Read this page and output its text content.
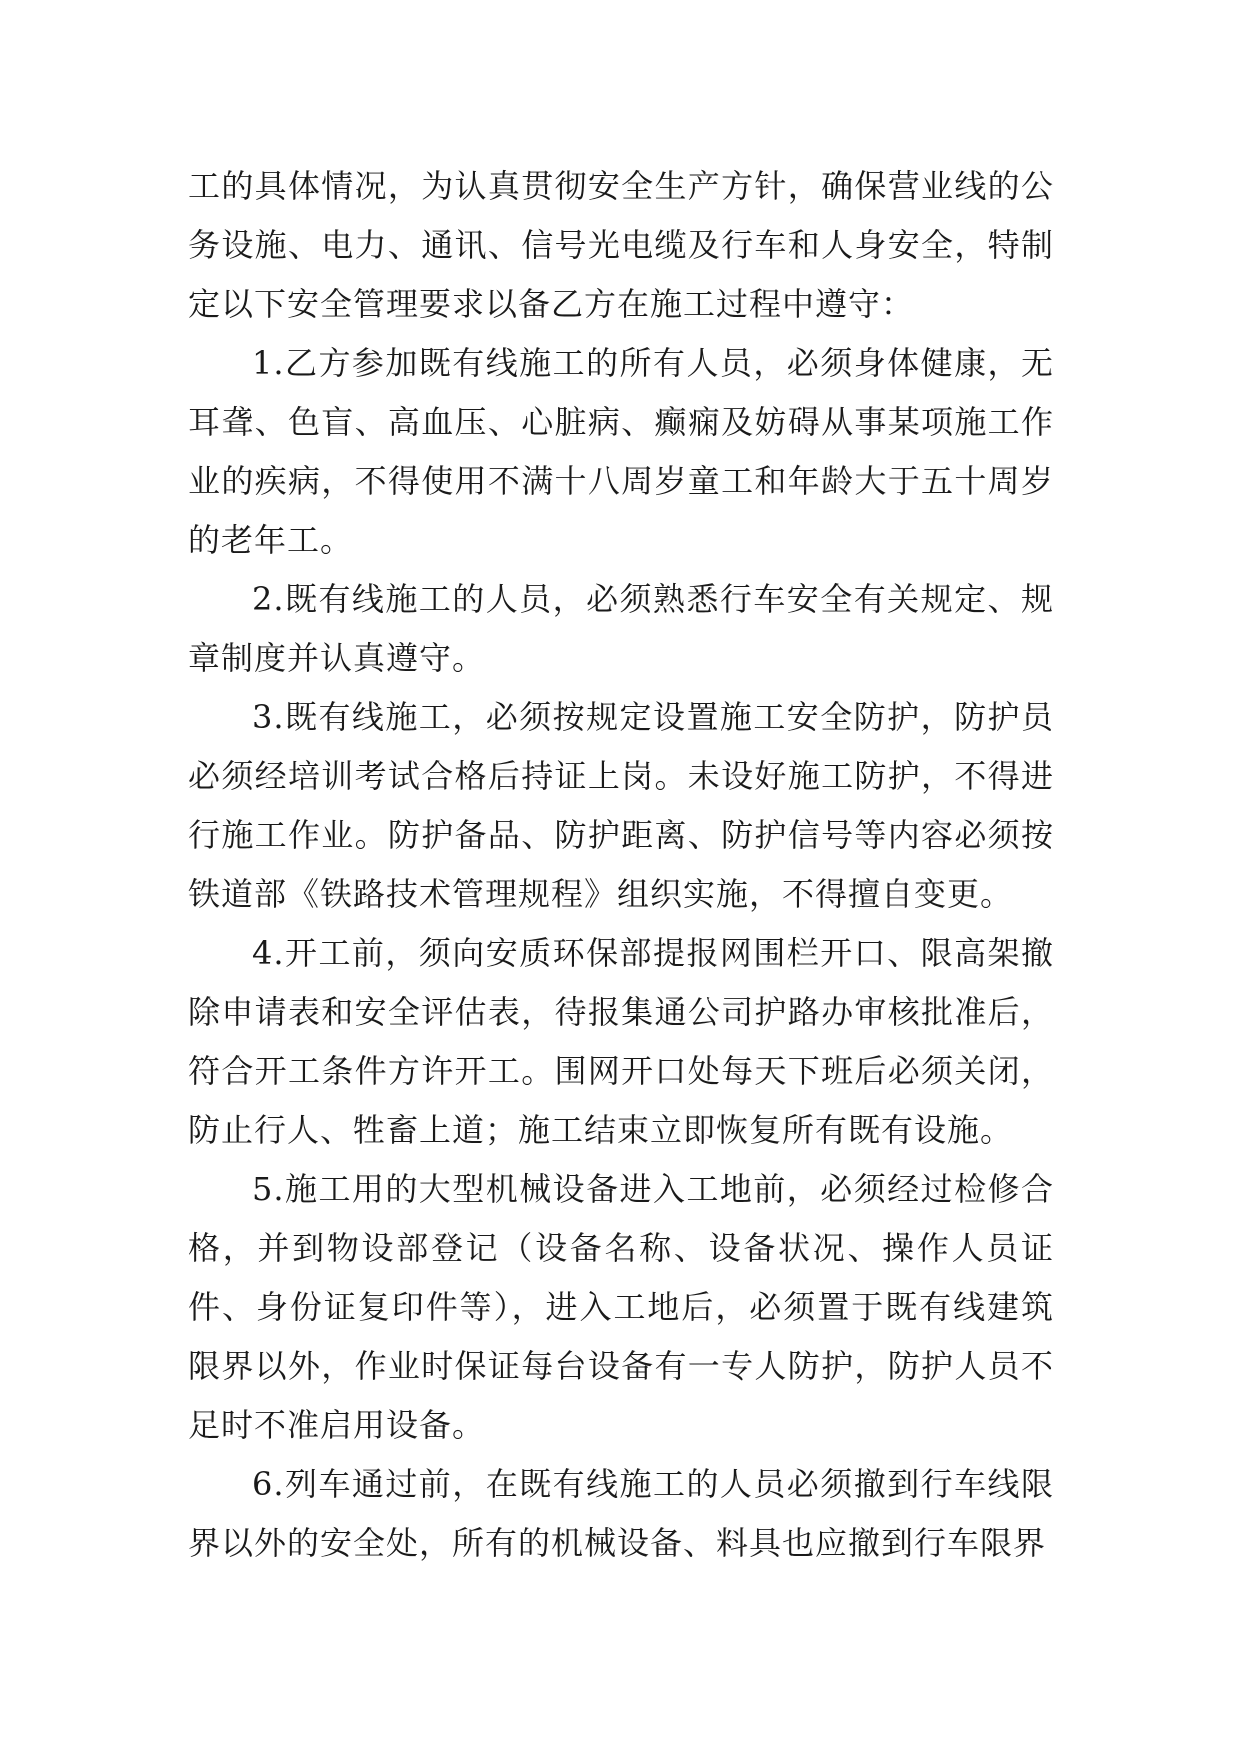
工的具体情况，为认真贯彻安全生产方针，确保营业线的公务设施、电力、通讯、信号光电缆及行车和人身安全，特制定以下安全管理要求以备乙方在施工过程中遵守：

1.乙方参加既有线施工的所有人员，必须身体健康，无耳聋、色盲、高血压、心脏病、癫痫及妨碍从事某项施工作业的疾病，不得使用不满十八周岁童工和年龄大于五十周岁的老年工。

2.既有线施工的人员，必须熟悉行车安全有关规定、规章制度并认真遵守。

3.既有线施工，必须按规定设置施工安全防护，防护员必须经培训考试合格后持证上岗。未设好施工防护，不得进行施工作业。防护备品、防护距离、防护信号等内容必须按铁道部《铁路技术管理规程》组织实施，不得擅自变更。

4.开工前，须向安质环保部提报网围栏开口、限高架撤除申请表和安全评估表，待报集通公司护路办审核批准后，符合开工条件方许开工。围网开口处每天下班后必须关闭，防止行人、牲畜上道；施工结束立即恢复所有既有设施。

5.施工用的大型机械设备进入工地前，必须经过检修合格，并到物设部登记（设备名称、设备状况、操作人员证件、身份证复印件等），进入工地后，必须置于既有线建筑限界以外，作业时保证每台设备有一专人防护，防护人员不足时不准启用设备。

6.列车通过前，在既有线施工的人员必须撤到行车线限界以外的安全处，所有的机械设备、料具也应撤到行车限界
